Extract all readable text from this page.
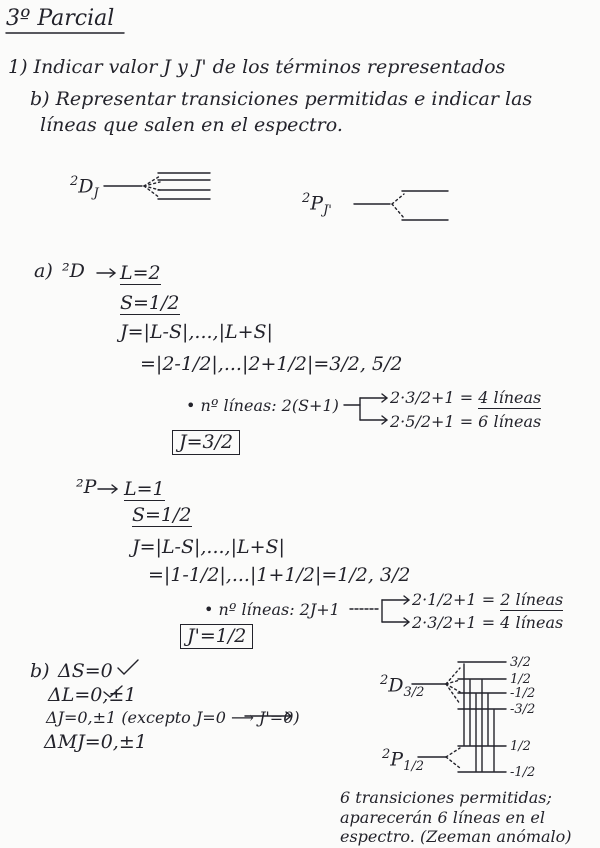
3º Parcial
1) Indicar valor J y J' de los términos representados
b) Representar transiciones permitidas e indicar las
líneas que salen en el espectro.
$^2D_J$	$^2P_{J'}$
a) ²D L=2
S=1/2
J=|L-S|,...,|L+S|
=|2-1/2|,...|2+1/2|=3/2, 5/2
• nº líneas: 2(S+1)	2·3/2+1 = 4 líneas
2·5/2+1 = 6 líneas
J=3/2
²P L=1
S=1/2
J=|L-S|,...,|L+S|
=|1-1/2|,...|1+1/2|=1/2, 3/2
• nº líneas: 2J+1
2·1/2+1 = 2 líneas
2·3/2+1 = 4 líneas
J'=1/2
b) ΔS=0
ΔL=0,±1
ΔJ=0,±1 (excepto J=0 ⟶ J'=0)
ΔMJ=0,±1
$^2D_{3/2}$
$^2P_{1/2}$
3/2
1/2
-1/2
-3/2
1/2
-1/2
6 transiciones permitidas;
aparecerán 6 líneas en el
espectro. (Zeeman anómalo)
